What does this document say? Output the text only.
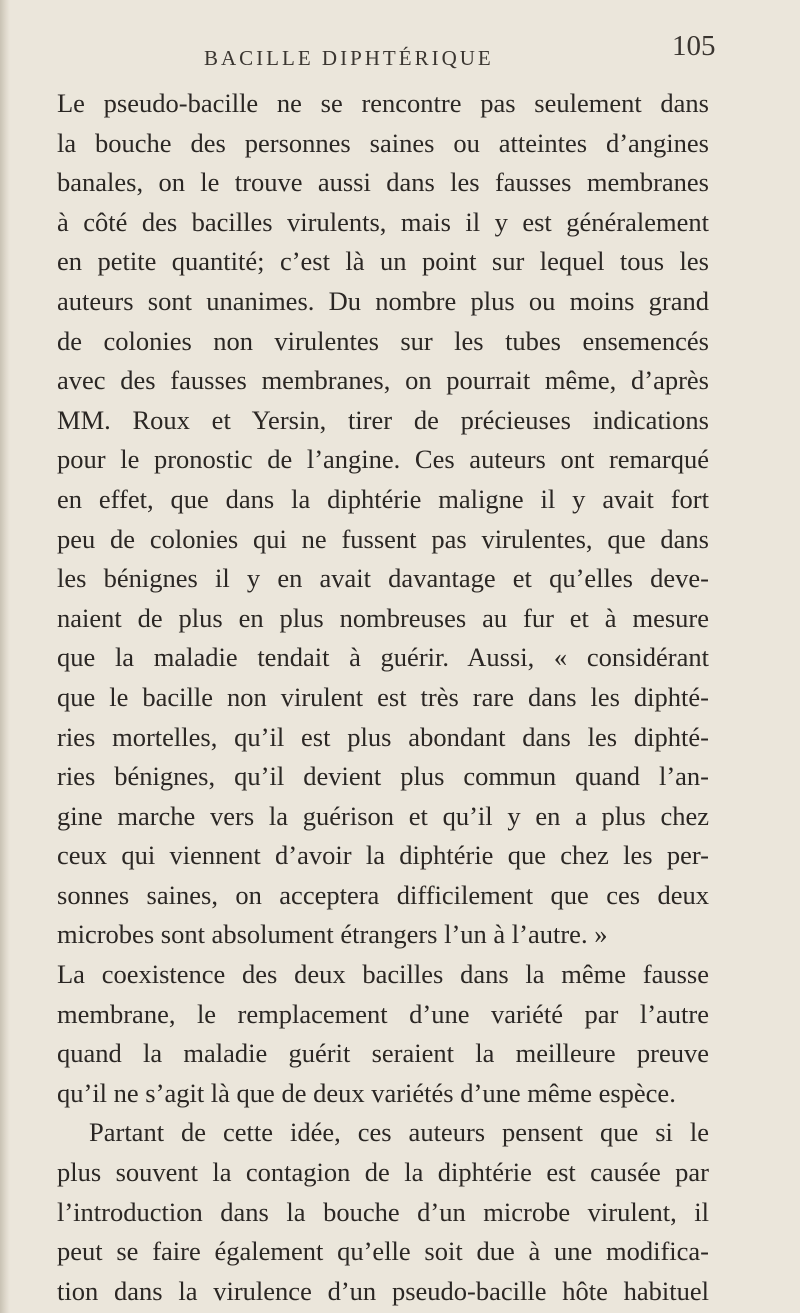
BACILLE DIPHTÉRIQUE	105
Le pseudo-bacille ne se rencontre pas seulement dans
la bouche des personnes saines ou atteintes d’angines
banales, on le trouve aussi dans les fausses membranes
à côté des bacilles virulents, mais il y est généralement
en petite quantité; c’est là un point sur lequel tous les
auteurs sont unanimes. Du nombre plus ou moins grand
de colonies non virulentes sur les tubes ensemencés
avec des fausses membranes, on pourrait même, d’après
MM. Roux et Yersin, tirer de précieuses indications
pour le pronostic de l’angine. Ces auteurs ont remarqué
en effet, que dans la diphtérie maligne il y avait fort
peu de colonies qui ne fussent pas virulentes, que dans
les bénignes il y en avait davantage et qu’elles deve-
naient de plus en plus nombreuses au fur et à mesure
que la maladie tendait à guérir. Aussi, « considérant
que le bacille non virulent est très rare dans les diphté-
ries mortelles, qu’il est plus abondant dans les diphté-
ries bénignes, qu’il devient plus commun quand l’an-
gine marche vers la guérison et qu’il y en a plus chez
ceux qui viennent d’avoir la diphtérie que chez les per-
sonnes saines, on acceptera difficilement que ces deux
microbes sont absolument étrangers l’un à l’autre. »
La coexistence des deux bacilles dans la même fausse
membrane, le remplacement d’une variété par l’autre
quand la maladie guérit seraient la meilleure preuve
qu’il ne s’agit là que de deux variétés d’une même espèce.
Partant de cette idée, ces auteurs pensent que si le
plus souvent la contagion de la diphtérie est causée par
l’introduction dans la bouche d’un microbe virulent, il
peut se faire également qu’elle soit due à une modifica-
tion dans la virulence d’un pseudo-bacille hôte habituel
